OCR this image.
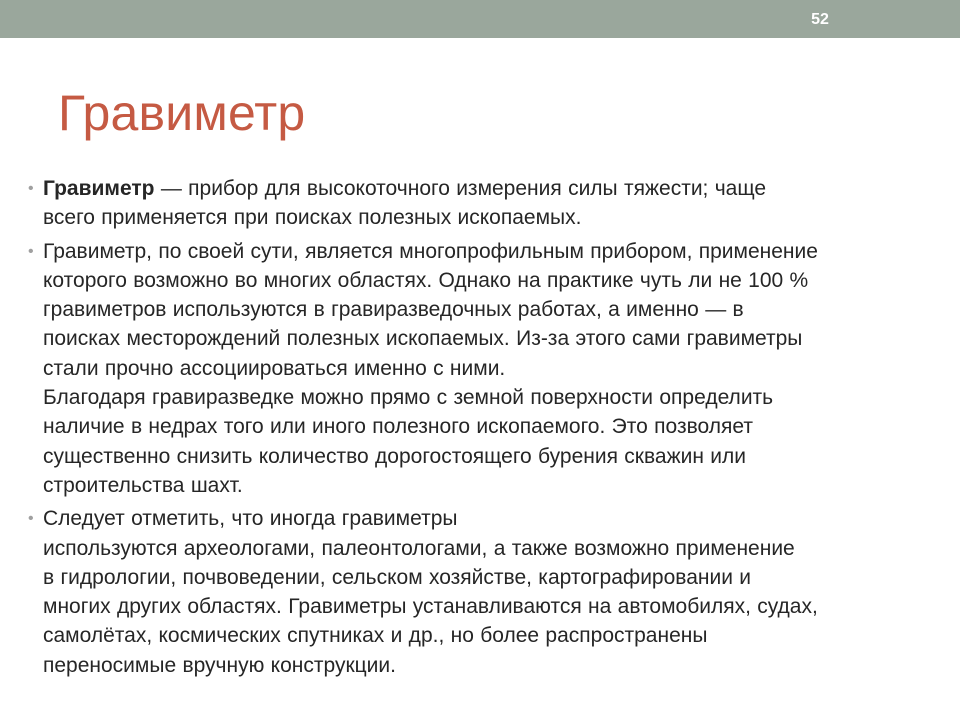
52
Гравиметр

• Гравиметр — прибор для высокоточного измерения силы тяжести; чаще
всего применяется при поисках полезных ископаемых.

• Гравиметр, по своей сути, является многопрофильным прибором, применение
которого возможно во многих областях. Однако на практике чуть ли не 100 %
гравиметров используются в гравиразведочных работах, а именно — в
поисках месторождений полезных ископаемых. Из-за этого сами гравиметры
стали прочно ассоциироваться именно с ними.
Благодаря гравиразведке можно прямо с земной поверхности определить
наличие в недрах того или иного полезного ископаемого. Это позволяет
существенно снизить количество дорогостоящего бурения скважин или
строительства шахт.

• Следует отметить, что иногда гравиметры
используются археологами, палеонтологами, а также возможно применение
в гидрологии, почвоведении, сельском хозяйстве, картографировании и
многих других областях. Гравиметры устанавливаются на автомобилях, судах,
самолётах, космических спутниках и др., но более распространены
переносимые вручную конструкции.
